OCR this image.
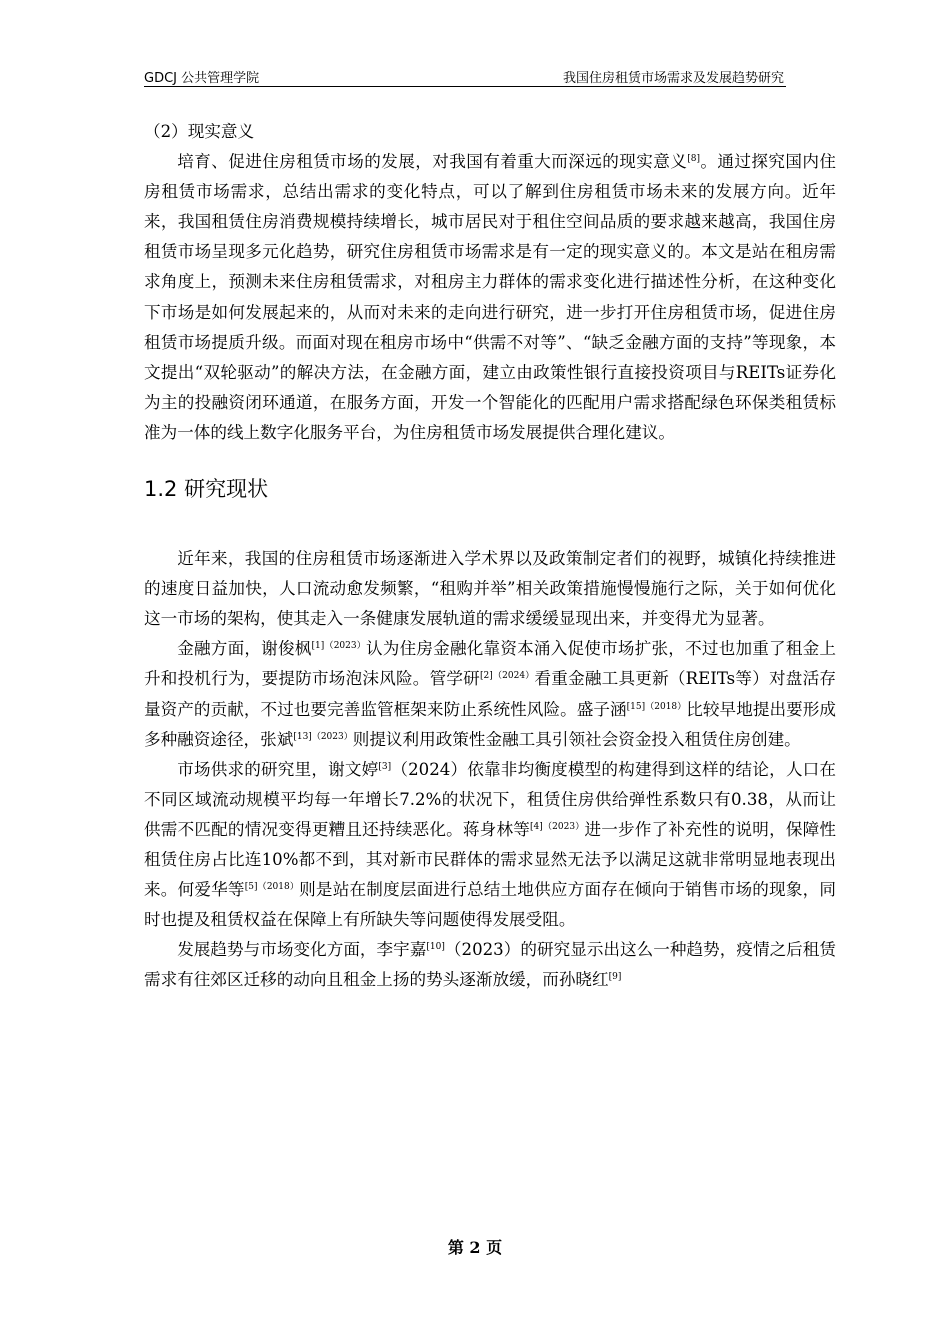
GDCJ 公共管理学院	我国住房租赁市场需求及发展趋势研究
（2）现实意义

培育、促进住房租赁市场的发展，对我国有着重大而深远的现实意义[8]。通过探究国内住房租赁市场需求，总结出需求的变化特点，可以了解到住房租赁市场未来的发展方向。近年来，我国租赁住房消费规模持续增长，城市居民对于租住空间品质的要求越来越高，我国住房租赁市场呈现多元化趋势，研究住房租赁市场需求是有一定的现实意义的。本文是站在租房需求角度上，预测未来住房租赁需求，对租房主力群体的需求变化进行描述性分析，在这种变化下市场是如何发展起来的，从而对未来的走向进行研究，进一步打开住房租赁市场，促进住房租赁市场提质升级。而面对现在租房市场中“供需不对等”、“缺乏金融方面的支持”等现象，本文提出“双轮驱动”的解决方法，在金融方面，建立由政策性银行直接投资项目与REITs证券化为主的投融资闭环通道，在服务方面，开发一个智能化的匹配用户需求搭配绿色环保类租赁标准为一体的线上数字化服务平台，为住房租赁市场发展提供合理化建议。

1.2 研究现状

近年来，我国的住房租赁市场逐渐进入学术界以及政策制定者们的视野，城镇化持续推进的速度日益加快，人口流动愈发频繁，“租购并举”相关政策措施慢慢施行之际，关于如何优化这一市场的架构，使其走入一条健康发展轨道的需求缓缓显现出来，并变得尤为显著。

金融方面，谢俊枫$^{[1](2023)}$认为住房金融化靠资本涌入促使市场扩张，不过也加重了租金上升和投机行为，要提防市场泡沫风险。管学研$^{[2](2024)}$看重金融工具更新（REITs等）对盘活存量资产的贡献，不过也要完善监管框架来防止系统性风险。盛子涵$^{[15](2018)}$比较早地提出要形成多种融资途径，张斌$^{[13](2023)}$则提议利用政策性金融工具引领社会资金投入租赁住房创建。

市场供求的研究里，谢文婷[3]（2024）依靠非均衡度模型的构建得到这样的结论，人口在不同区域流动规模平均每一年增长7.2%的状况下，租赁住房供给弹性系数只有0.38，从而让供需不匹配的情况变得更糟且还持续恶化。蒋身林等$^{[4](2023)}$进一步作了补充性的说明，保障性租赁住房占比连10%都不到，其对新市民群体的需求显然无法予以满足这就非常明显地表现出来。何爱华等$^{[5](2018)}$则是站在制度层面进行总结土地供应方面存在倾向于销售市场的现象，同时也提及租赁权益在保障上有所缺失等问题使得发展受阻。

发展趋势与市场变化方面，李宇嘉[10]（2023）的研究显示出这么一种趋势，疫情之后租赁需求有往郊区迁移的动向且租金上扬的势头逐渐放缓，而孙晓红[9]

第 2 页
